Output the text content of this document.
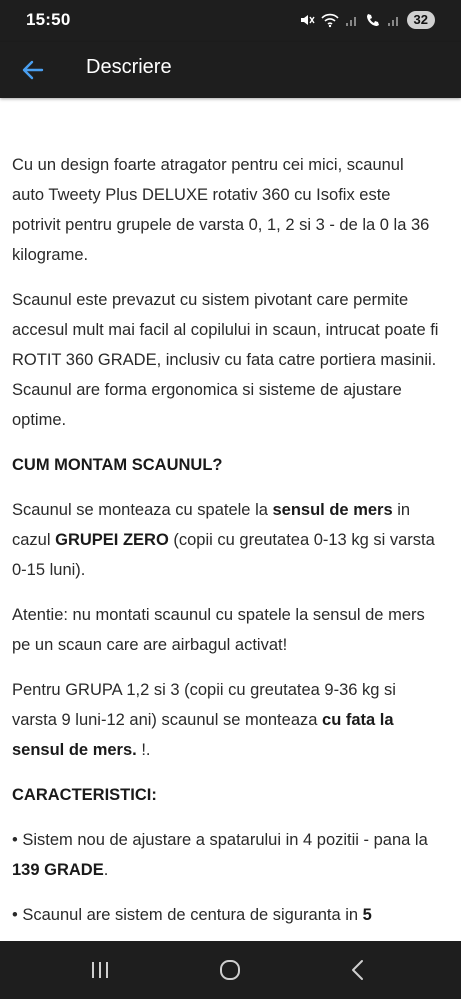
15:50	32
Descriere

Cu un design foarte atragator pentru cei mici, scaunul auto Tweety Plus DELUXE rotativ 360 cu Isofix este potrivit pentru grupele de varsta 0, 1, 2 si 3 - de la 0 la 36 kilograme.

Scaunul este prevazut cu sistem pivotant care permite accesul mult mai facil al copilului in scaun, intrucat poate fi ROTIT 360 GRADE, inclusiv cu fata catre portiera masinii. Scaunul are forma ergonomica si sisteme de ajustare optime.

CUM MONTAM SCAUNUL?

Scaunul se monteaza cu spatele la sensul de mers in cazul GRUPEI ZERO (copii cu greutatea 0-13 kg si varsta 0-15 luni).

Atentie: nu montati scaunul cu spatele la sensul de mers pe un scaun care are airbagul activat!

Pentru GRUPA 1,2 si 3 (copii cu greutatea 9-36 kg si varsta 9 luni-12 ani) scaunul se monteaza cu fata la sensul de mers. !.

CARACTERISTICI:

• Sistem nou de ajustare a spatarului in 4 pozitii - pana la 139 GRADE.

• Scaunul are sistem de centura de siguranta in 5
